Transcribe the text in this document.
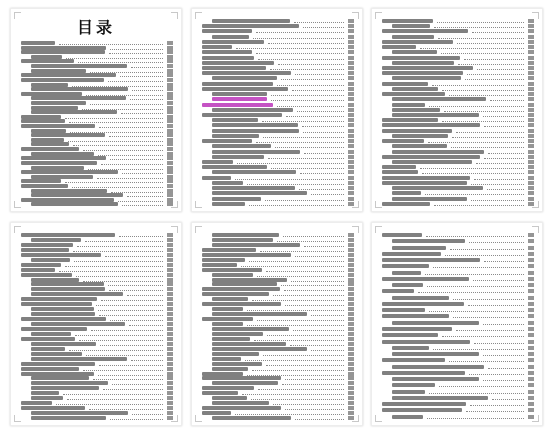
目录
